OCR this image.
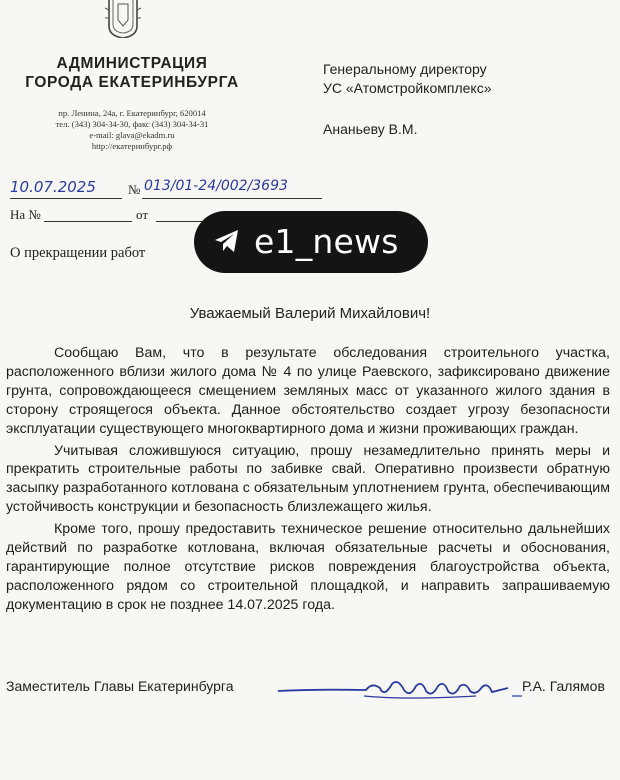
АДМИНИСТРАЦИЯ
ГОРОДА ЕКАТЕРИНБУРГА
пр. Ленина, 24а, г. Екатеринбург, 620014
тел. (343) 304-34-30, факс (343) 304-34-31
e-mail: glava@ekadm.ru
http://екатеринбург.рф
Генеральному директору
УС «Атомстройкомплекс»
Ананьеву В.М.
10.07.2025 № 013/01-24/002/3693
На №	от
О прекращении работ	e1_news
Уважаемый Валерий Михайлович!

Сообщаю Вам, что в результате обследования строительного участка, расположенного вблизи жилого дома № 4 по улице Раевского, зафиксировано движение грунта, сопровождающееся смещением земляных масс от указанного жилого здания в сторону строящегося объекта. Данное обстоятельство создает угрозу безопасности эксплуатации существующего многоквартирного дома и жизни проживающих граждан.

Учитывая сложившуюся ситуацию, прошу незамедлительно принять меры и прекратить строительные работы по забивке свай. Оперативно произвести обратную засыпку разработанного котлована с обязательным уплотнением грунта, обеспечивающим устойчивость конструкции и безопасность близлежащего жилья.

Кроме того, прошу предоставить техническое решение относительно дальнейших действий по разработке котлована, включая обязательные расчеты и обоснования, гарантирующие полное отсутствие рисков повреждения благоустройства объекта, расположенного рядом со строительной площадкой, и направить запрашиваемую документацию в срок не позднее 14.07.2025 года.

Заместитель Главы Екатеринбурга	Р.А. Галямов
